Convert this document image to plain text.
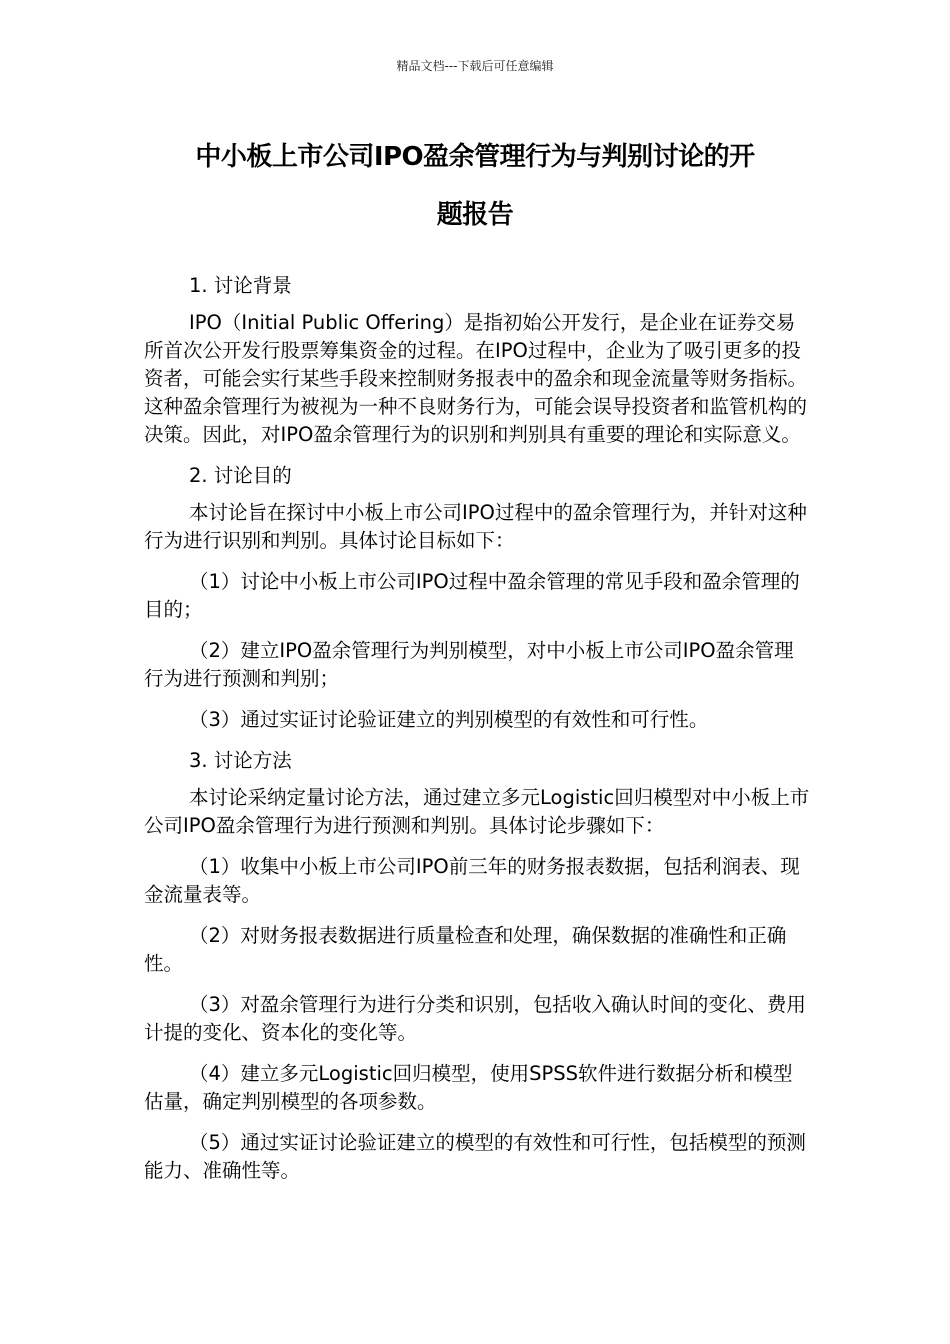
精品文档---下载后可任意编辑
中小板上市公司IPO盈余管理行为与判别讨论的开
题报告

1. 讨论背景

IPO（Initial Public Offering）是指初始公开发行，是企业在证券交易所首次公开发行股票筹集资金的过程。在IPO过程中，企业为了吸引更多的投资者，可能会实行某些手段来控制财务报表中的盈余和现金流量等财务指标。这种盈余管理行为被视为一种不良财务行为，可能会误导投资者和监管机构的决策。因此，对IPO盈余管理行为的识别和判别具有重要的理论和实际意义。

2. 讨论目的

本讨论旨在探讨中小板上市公司IPO过程中的盈余管理行为，并针对这种行为进行识别和判别。具体讨论目标如下：

（1）讨论中小板上市公司IPO过程中盈余管理的常见手段和盈余管理的目的；

（2）建立IPO盈余管理行为判别模型，对中小板上市公司IPO盈余管理行为进行预测和判别；

（3）通过实证讨论验证建立的判别模型的有效性和可行性。

3. 讨论方法

本讨论采纳定量讨论方法，通过建立多元Logistic回归模型对中小板上市公司IPO盈余管理行为进行预测和判别。具体讨论步骤如下：

（1）收集中小板上市公司IPO前三年的财务报表数据，包括利润表、现金流量表等。

（2）对财务报表数据进行质量检查和处理，确保数据的准确性和正确性。

（3）对盈余管理行为进行分类和识别，包括收入确认时间的变化、费用计提的变化、资本化的变化等。

（4）建立多元Logistic回归模型，使用SPSS软件进行数据分析和模型估量，确定判别模型的各项参数。

（5）通过实证讨论验证建立的模型的有效性和可行性，包括模型的预测能力、准确性等。
